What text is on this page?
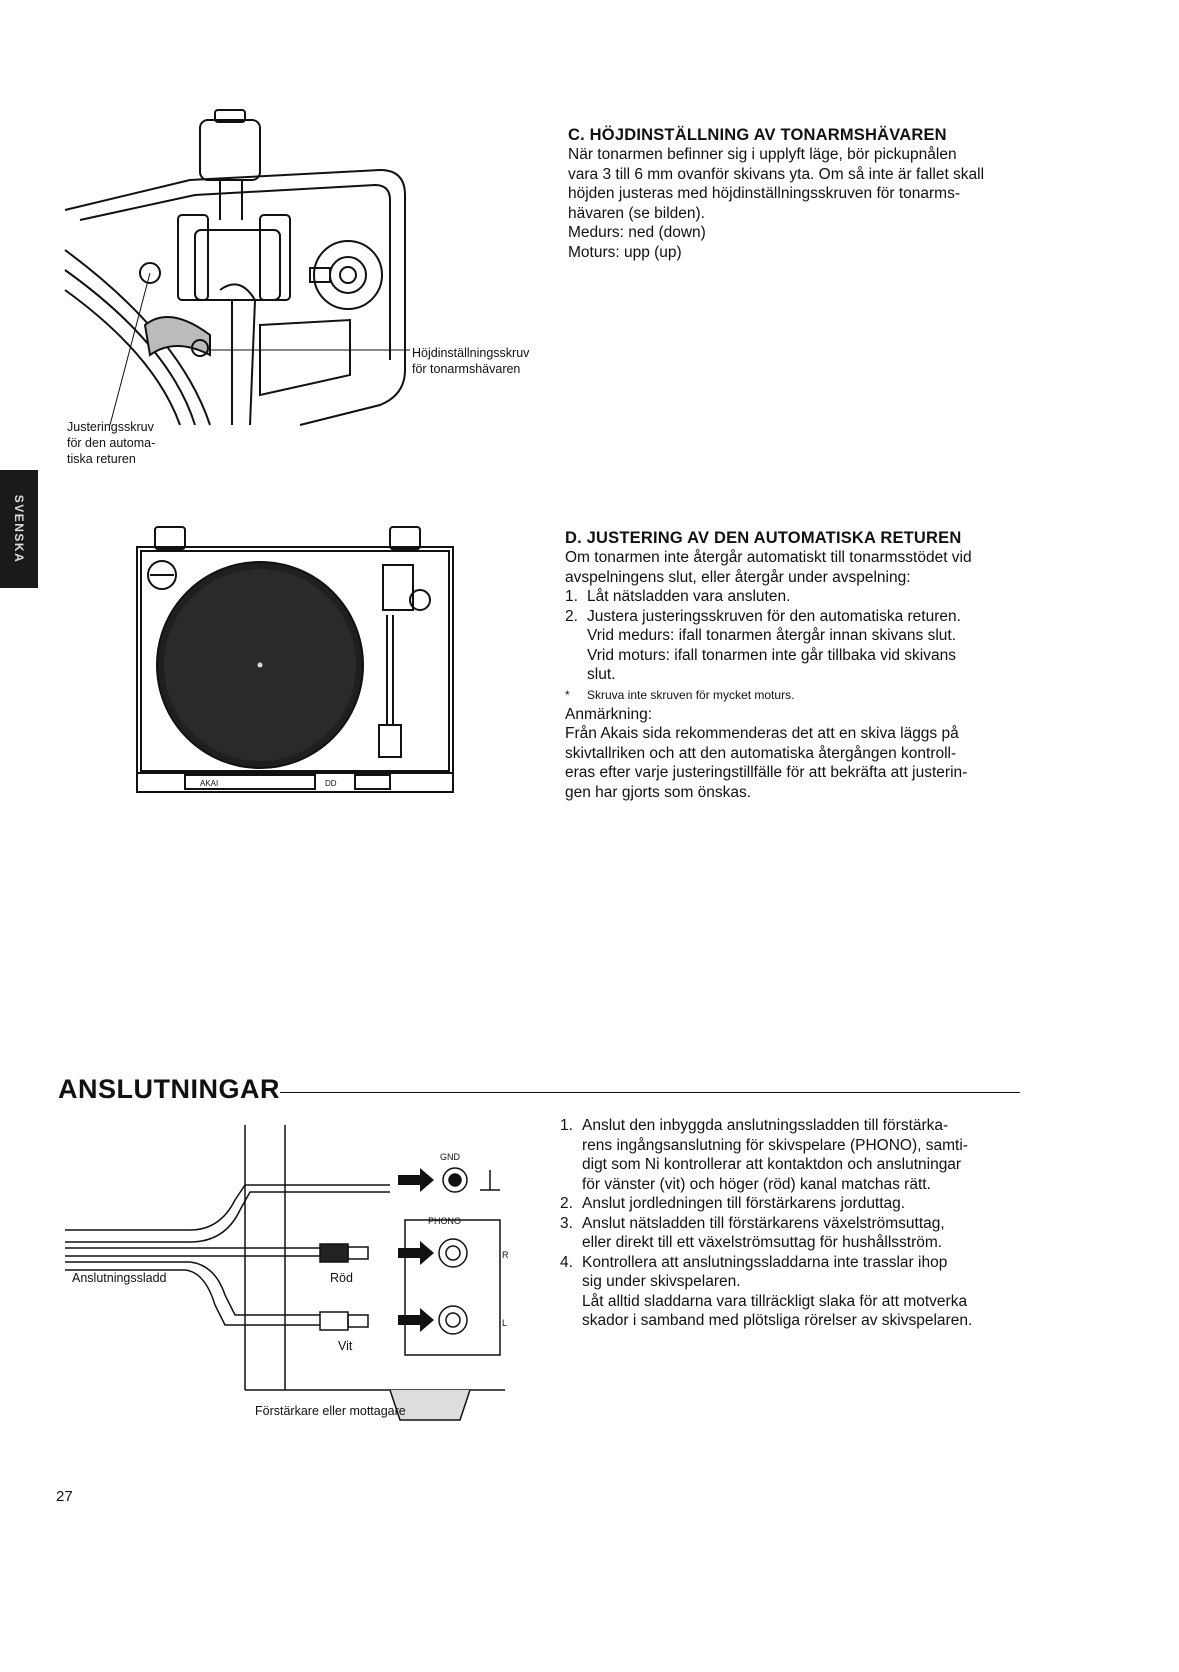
SVENSKA
Höjdinställningsskruv
för tonarmshävaren
Justeringsskruv
för den automa-
tiska returen
C. HÖJDINSTÄLLNING AV TONARMSHÄVAREN
När tonarmen befinner sig i upplyft läge, bör pickupnålen
vara 3 till 6 mm ovanför skivans yta. Om så inte är fallet skall
höjden justeras med höjdinställningsskruven för tonarms-
hävaren (se bilden).
Medurs: ned (down)
Moturs: upp (up)
AKAI	DD
D. JUSTERING AV DEN AUTOMATISKA RETUREN
Om tonarmen inte återgår automatiskt till tonarmsstödet vid
avspelningens slut, eller återgår under avspelning:
1. Låt nätsladden vara ansluten.
2. Justera justeringsskruven för den automatiska returen.
Vrid medurs: ifall tonarmen återgår innan skivans slut.
Vrid moturs: ifall tonarmen inte går tillbaka vid skivans
slut.
* Skruva inte skruven för mycket moturs.
Anmärkning:
Från Akais sida rekommenderas det att en skiva läggs på
skivtallriken och att den automatiska återgången kontroll-
eras efter varje justeringstillfälle för att bekräfta att justerin-
gen har gjorts som önskas.
ANSLUTNINGAR
GND
PHONO
R
L
Anslutningssladd	Röd
Vit
Förstärkare eller mottagare
1. Anslut den inbyggda anslutningssladden till förstärka-
rens ingångsanslutning för skivspelare (PHONO), samti-
digt som Ni kontrollerar att kontaktdon och anslutningar
för vänster (vit) och höger (röd) kanal matchas rätt.
2. Anslut jordledningen till förstärkarens jorduttag.
3. Anslut nätsladden till förstärkarens växelströmsuttag,
eller direkt till ett växelströmsuttag för hushållsström.
4. Kontrollera att anslutningssladdarna inte trasslar ihop
sig under skivspelaren.
Låt alltid sladdarna vara tillräckligt slaka för att motverka
skador i samband med plötsliga rörelser av skivspelaren.
27
